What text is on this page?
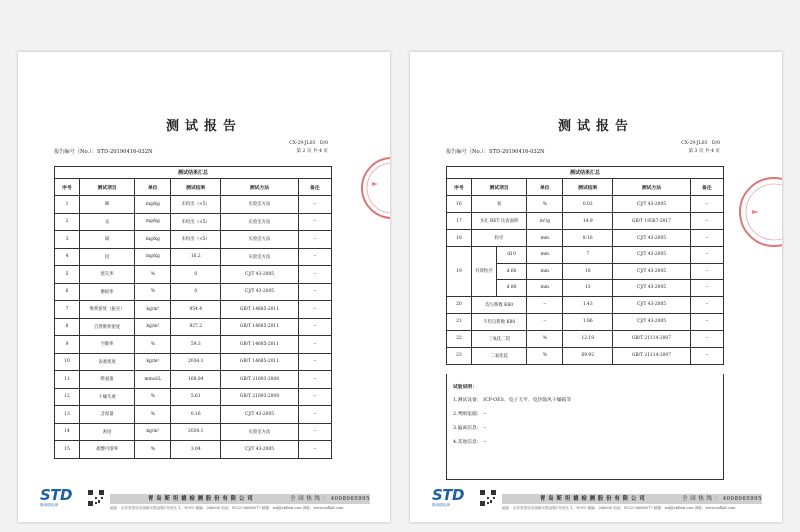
测试报告
报告编号（No.）：STD-20190416-032N
CX-29-JL03 D/0
第 2 页 共 4 页
测试结果汇总					
序号	测试项目	单位	测试结果	测试方法	备注
1	砷	mg/kg	未检出（<5）	实验室方法	--
2	汞	mg/kg	未检出（<5）	实验室方法	--
3	镉	mg/kg	未检出（<5）	实验室方法	--
4	铅	mg/kg	16.2	实验室方法	--
5	烧矢率	%	0	CJ/T 43-2005	--
6	磨损率	%	0	CJ/T 43-2005	--
7	堆积密度（振实）	kg/m³	954.4	GB/T 14685-2011	--
8	自然堆积密度	kg/m³	827.2	GB/T 14685-2011	--
9	空隙率	%	59.3	GB/T 14685-2011	--
10	表观密度	kg/m³	2034.1	GB/T 14685-2011	--
11	吸氨值	mmol/L	168.84	GB/T 21693-2008	--
12	干燥失重	%	5.61	GB/T 21693-2008	--
13	含泥量	%	0.16	CJ/T 43-2005	--
14	密度	kg/m³	2034.1	实验室方法	--
15	盐酸可溶率	%	3.04	CJ/T 43-2005	--
STD
斯坦德检测
青 岛 斯 坦 德 检 测 股 份 有 限 公 司	全 国 热 线 ： 4008065995
地址：山东省青岛市高新区锦业路1号东区 1，100号 邮编：266000 电话：0532-58668577 邮箱：std@stdlab.com 网址：www.stdlab.com
测试报告
报告编号（No.）：STD-20190416-032N
CX-29-JL03 D/0
第 3 页 共 4 页
测试结果汇总						
序号	测试项目		单位	测试结果	测试方法	备注
16	氧		%	0.02	CJ/T 43-2005	--
17	多孔 BET 比表面积		m²/g	14.9	GB/T 19587-2017	--
18	粒径		mm	8-16	CJ/T 43-2005	--
19	有效粒径	d10	mm	7	CJ/T 43-2005	--
		d 60	mm	10	CJ/T 43-2005	--
		d 80	mm	13	CJ/T 43-2005	--
20	均匀系数 K60		--	1.43	CJ/T 43-2005	--
21	不均匀系数 K80		--	1.86	CJ/T 43-2005	--
22	三氧化二铝		%	12.19	GB/T 21114-2007	--
23	二氧化硅		%	69.92	GB/T 21114-2007	--
试验说明：
1.测试设备： ICP-OES、电子天平、电热鼓风干燥箱等
2.判断依据： --
3.偏离信息： --
4.其他信息： --
STD
斯坦德检测
青 岛 斯 坦 德 检 测 股 份 有 限 公 司	全 国 热 线 ： 4008065995
地址：山东省青岛市高新区锦业路1号东区 1，100号 邮编：266000 电话：0532-58668577 邮箱：std@stdlab.com 网址：www.stdlab.com
